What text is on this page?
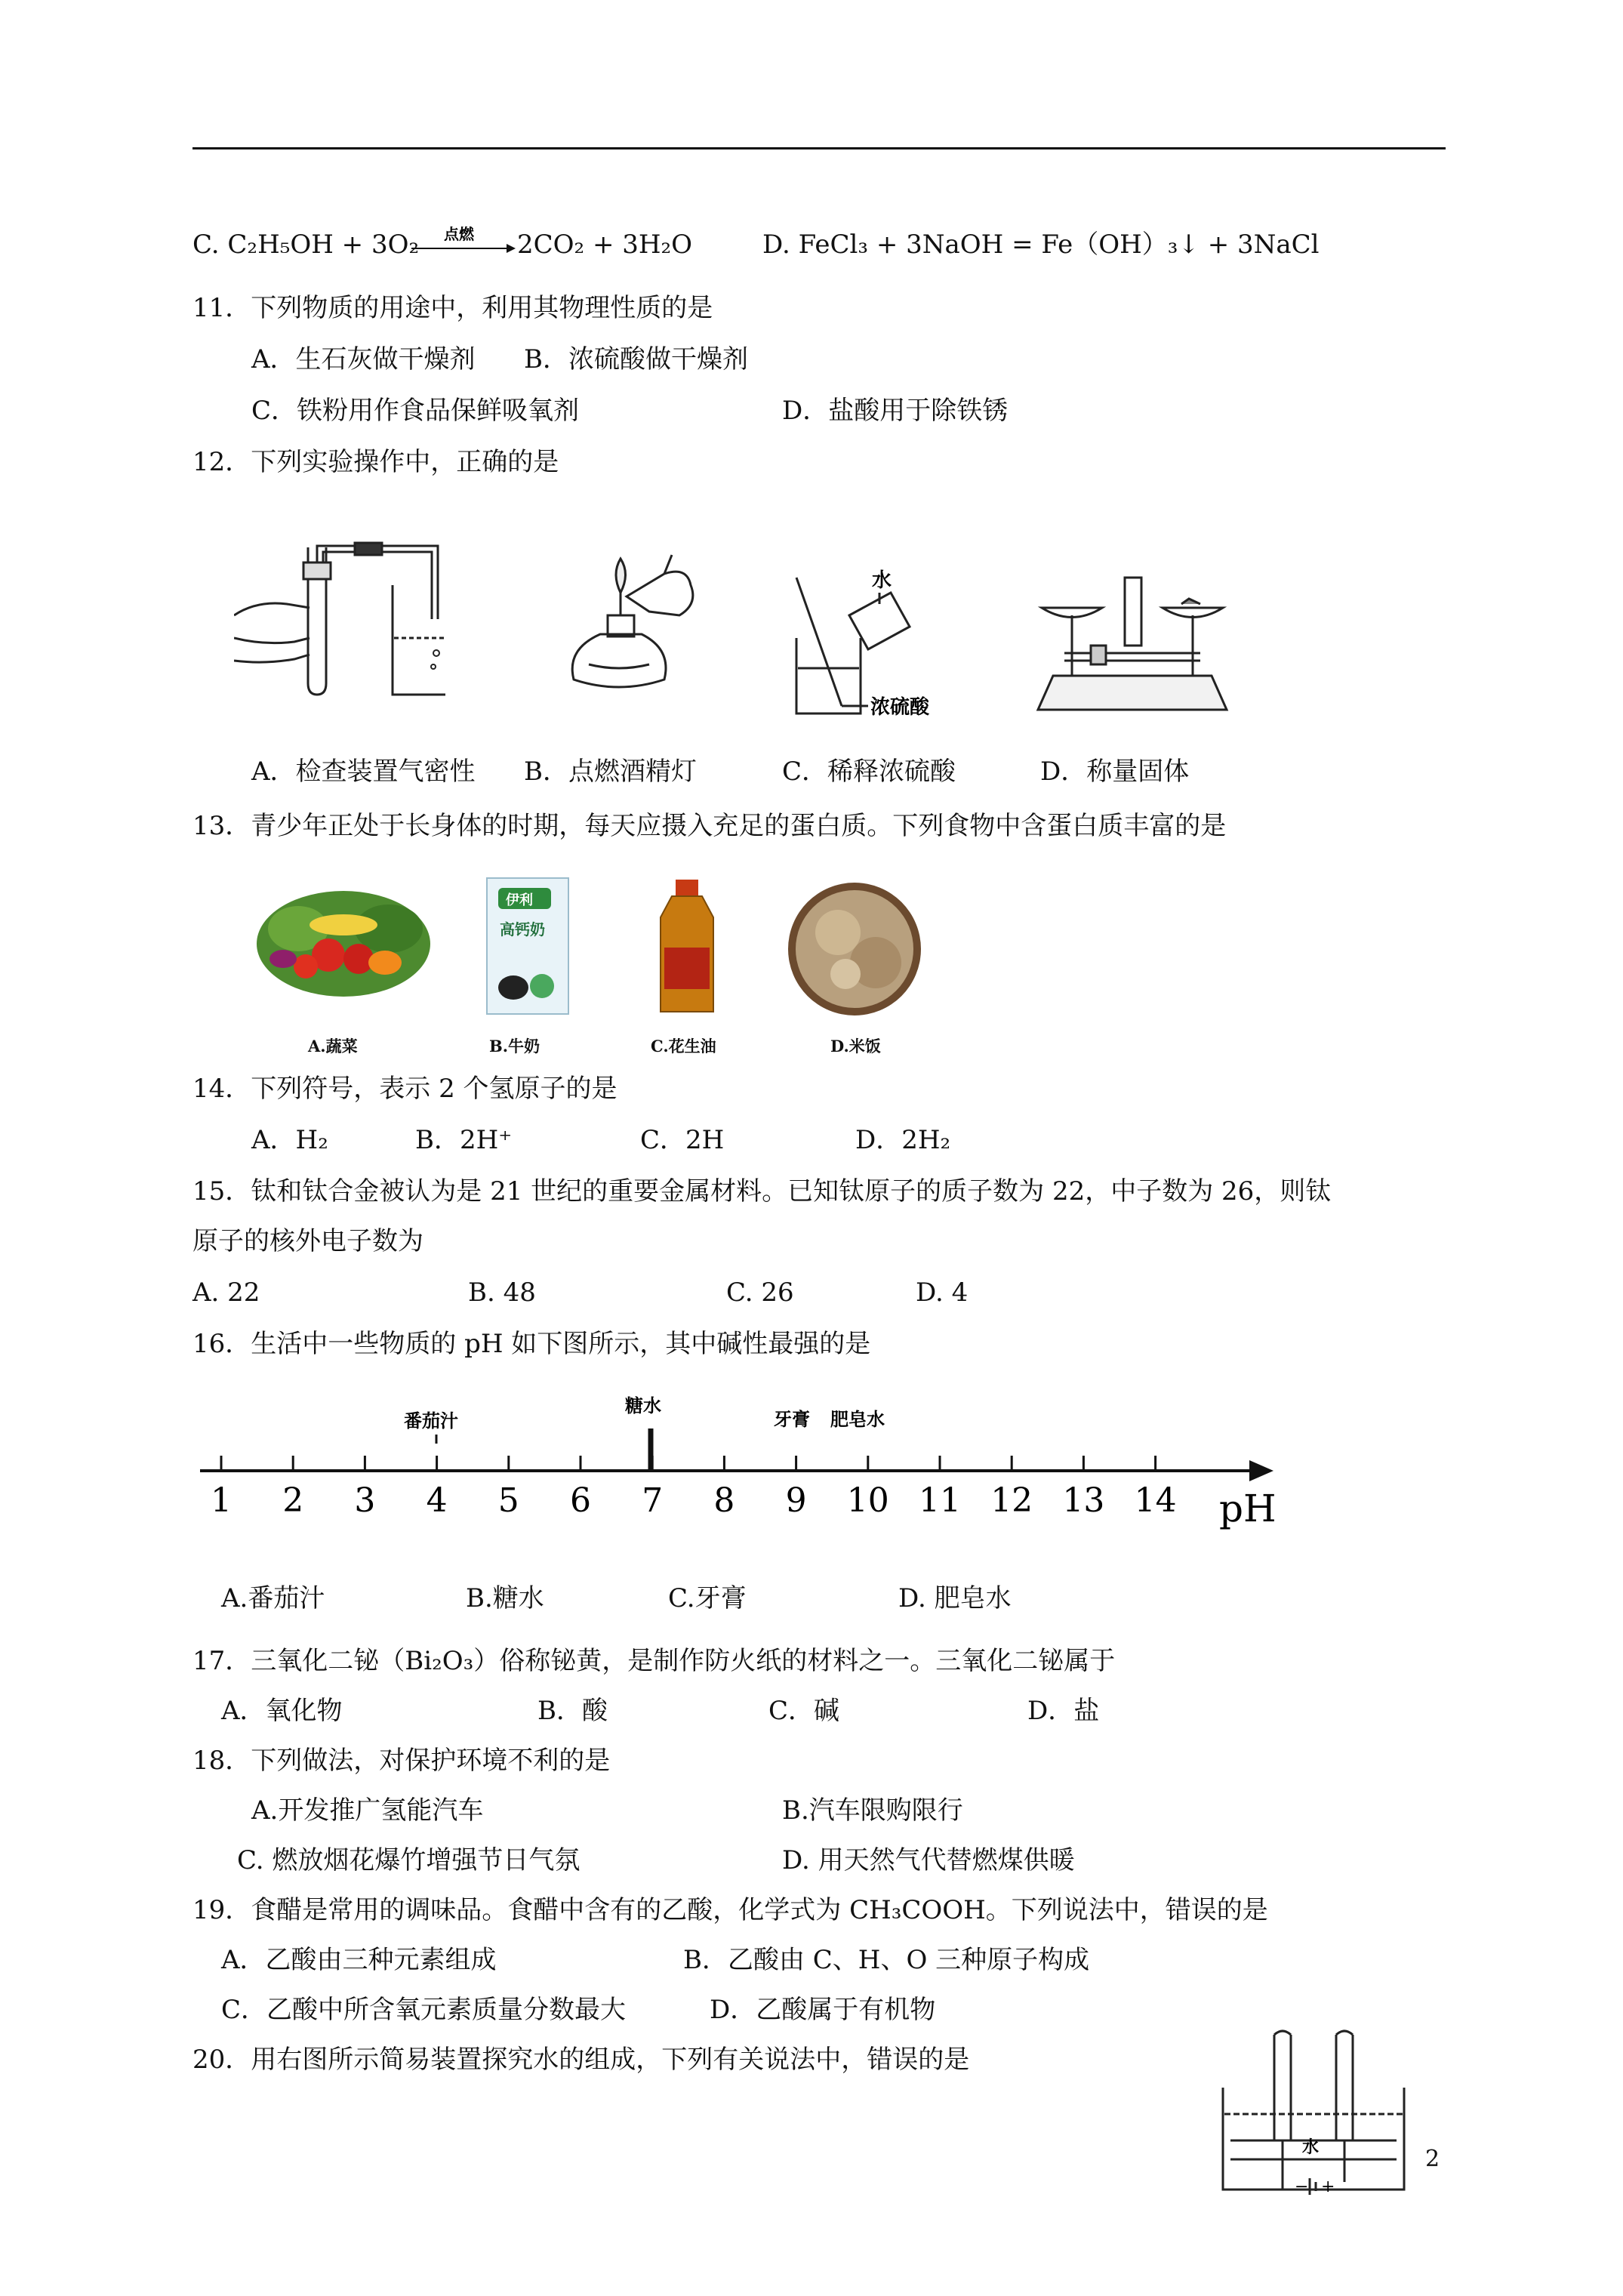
C. C₂H₅OH + 3O₂ 点燃 2CO₂ + 3H₂O	D. FeCl₃ + 3NaOH = Fe（OH）₃↓ + 3NaCl
11．下列物质的用途中，利用其物理性质的是
A．生石灰做干燥剂 B．浓硫酸做干燥剂
C．铁粉用作食品保鲜吸氧剂	D．盐酸用于除铁锈
12．下列实验操作中，正确的是
水
浓硫酸
A．检查装置气密性 B．点燃酒精灯	C．稀释浓硫酸	D．称量固体
13．青少年正处于长身体的时期，每天应摄入充足的蛋白质。下列食物中含蛋白质丰富的是
伊利
高钙奶
A.蔬菜	B.牛奶	C.花生油	D.米饭
14．下列符号，表示 2 个氢原子的是
A．H₂	B．2H⁺	C．2H	D．2H₂
15．钛和钛合金被认为是 21 世纪的重要金属材料。已知钛原子的质子数为 22，中子数为 26，则钛
原子的核外电子数为
A. 22	B. 48	C. 26	D. 4
16．生活中一些物质的 pH 如下图所示，其中碱性最强的是
1 2 3 4 5 6 7 8 9 10 11 12 13 14 pH
番茄汁
糖水
牙膏 肥皂水
A.番茄汁	B.糖水	C.牙膏	D. 肥皂水
17．三氧化二铋（Bi₂O₃）俗称铋黄，是制作防火纸的材料之一。三氧化二铋属于
A．氧化物	B．酸	C．碱	D．盐
18．下列做法，对保护环境不利的是
A.开发推广氢能汽车	B.汽车限购限行
C. 燃放烟花爆竹增强节日气氛	D. 用天然气代替燃煤供暖
19．食醋是常用的调味品。食醋中含有的乙酸，化学式为 CH₃COOH。下列说法中，错误的是
A．乙酸由三种元素组成	B．乙酸由 C、H、O 三种原子构成
C．乙酸中所含氧元素质量分数最大	D．乙酸属于有机物
20．用右图所示简易装置探究水的组成，下列有关说法中，错误的是
水
− +
2
